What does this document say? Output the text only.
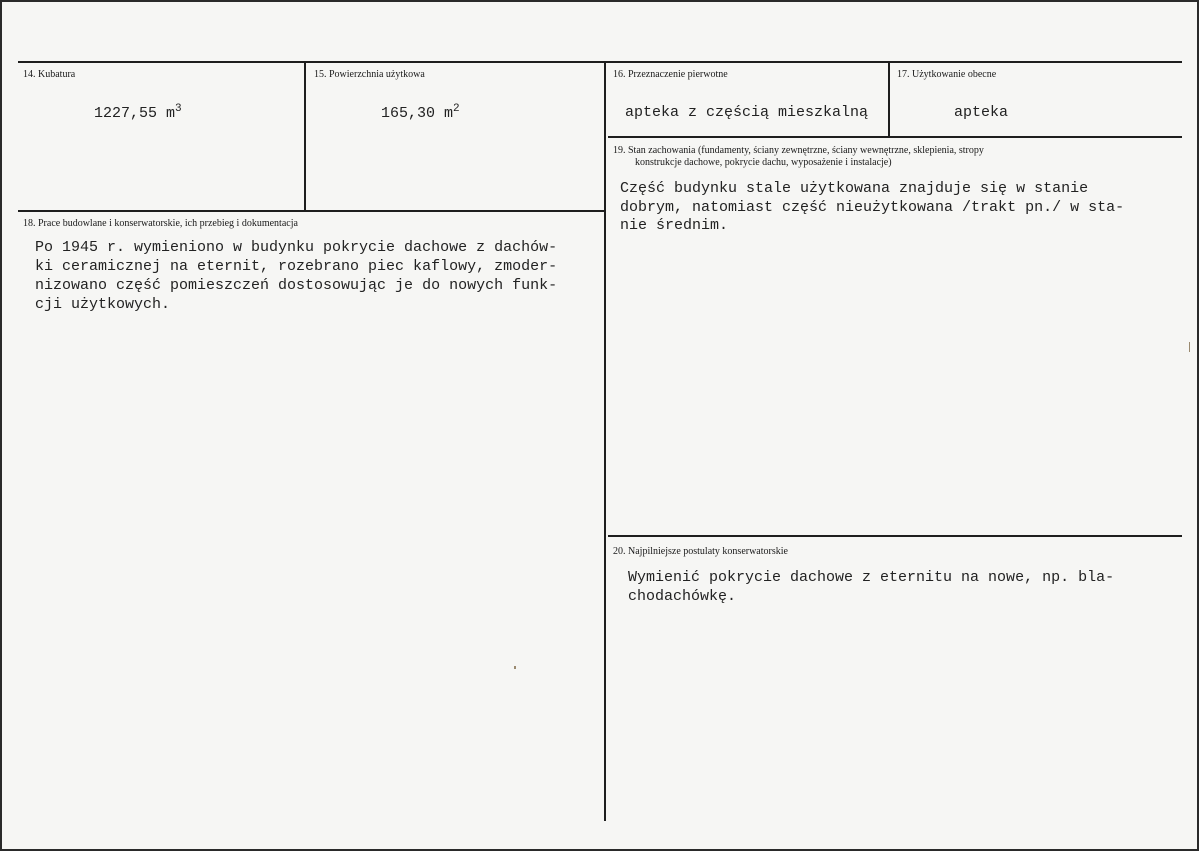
14. Kubatura
1227,55 $m^3$
15. Powierzchnia użytkowa
165,30 $m^2$
16. Przeznaczenie pierwotne
apteka z częścią mieszkalną
17. Użytkowanie obecne
apteka
18. Prace budowlane i konserwatorskie, ich przebieg i dokumentacja
Po 1945 r. wymieniono w budynku pokrycie dachowe z dachów-
ki ceramicznej na eternit, rozebrano piec kaflowy, zmoder-
nizowano część pomieszczeń dostosowując je do nowych funk-
cji użytkowych.
19. Stan zachowania (fundamenty, ściany zewnętrzne, ściany wewnętrzne, sklepienia, stropy
konstrukcje dachowe, pokrycie dachu, wyposażenie i instalacje)
Część budynku stale użytkowana znajduje się w stanie
dobrym, natomiast część nieużytkowana /trakt pn./ w sta-
nie średnim.
20. Najpilniejsze postulaty konserwatorskie
Wymienić pokrycie dachowe z eternitu na nowe, np. bla-
chodachówkę.
